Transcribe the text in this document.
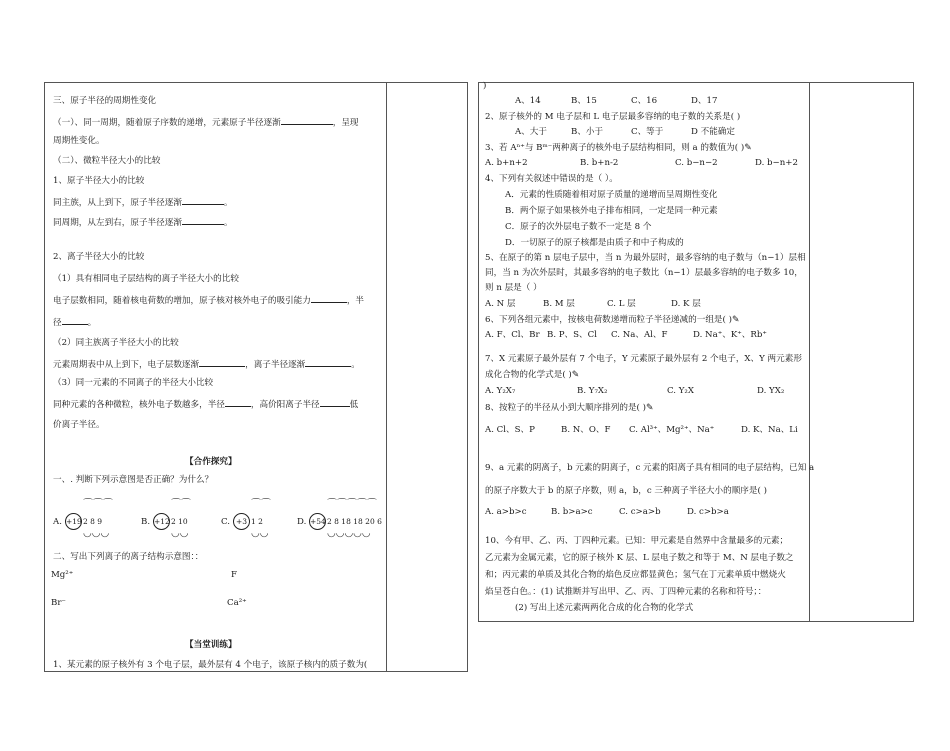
三、原子半径的周期性变化
（一）、同一周期，随着原子序数的递增，元素原子半径逐渐	，呈现
周期性变化。
（二）、微粒半径大小的比较
1、原子半径大小的比较
同主族，从上到下，原子半径逐渐	。
同周期，从左到右，原子半径逐渐	。
2、离子半径大小的比较
（1）具有相同电子层结构的离子半径大小的比较
电子层数相同，随着核电荷数的增加，原子核对核外电子的吸引能力	，半
径	。
（2）同主族离子半径大小的比较
元素周期表中从上到下，电子层数逐渐	，离子半径逐渐	。
（3）同一元素的不同离子的半径大小比较
同种元素的各种微粒，核外电子数越多，半径	，高价阳离子半径	低
价离子半径。
【合作探究】
一、. 判断下列示意图是否正确？为什么？
A.
⌒⌒⌒
+19 2 8 9
◡◡◡
B.
⌒⌒
+12 2 10
◡◡
C.
⌒⌒
+3 1 2
◡◡
D.
⌒⌒⌒⌒⌒
+54 2 8 18 18 20 6
◡◡◡◡◡
二、写出下列离子的离子结构示意图：：
Mg²⁺	F
Br⁻	Ca²⁺
【当堂训练】
1、某元素的原子核外有 3 个电子层，最外层有 4 个电子，该原子核内的质子数为(
)
A、14	B、15	C、16	D、17
2、原子核外的 M 电子层和 L 电子层最多容纳的电子数的关系是( )
A、大于	B、小于	C、等于	D 不能确定
3、若 Aⁿ⁺与 Bᵐ⁻两种离子的核外电子层结构相同，则 a 的数值为( )✎
A. b+n+2	B. b+n-2	C. b−n−2	D. b−n+2
4、下列有关叙述中错误的是（ ）。
A．元素的性质随着相对原子质量的递增而呈周期性变化
B．两个原子如果核外电子排布相同，一定是同一种元素
C．原子的次外层电子数不一定是 8 个
D．一切原子的原子核都是由质子和中子构成的
5、在原子的第 n 层电子层中，当 n 为最外层时，最多容纳的电子数与（n−1）层相
同，当 n 为次外层时，其最多容纳的电子数比（n−1）层最多容纳的电子数多 10，
则 n 层是（ ）
A. N 层	B. M 层	C. L 层	D. K 层
6、下列各组元素中，按核电荷数递增而粒子半径递减的一组是( )✎
A. F、Cl、Br B. P、S、Cl C. Na、Al、F	D. Na⁺、K⁺、Rb⁺
7、X 元素原子最外层有 7 个电子，Y 元素原子最外层有 2 个电子，X、Y 两元素形
成化合物的化学式是( )✎
A. Y₂X₇	B. Y₇X₂	C. Y₂X	D. YX₂
8、按粒子的半径从小到大顺序排列的是( )✎
A. Cl、S、P	B. N、O、F C. Al³⁺、Mg²⁺、Na⁺	D. K、Na、Li
9、a 元素的阴离子，b 元素的阴离子，c 元素的阳离子具有相同的电子层结构，已知 a
的原子序数大于 b 的原子序数，则 a，b，c 三种离子半径大小的顺序是( )
A. a>b>c	B. b>a>c	C. c>a>b	D. c>b>a
10、今有甲、乙、丙、丁四种元素。已知：甲元素是自然界中含量最多的元素；
乙元素为金属元素，它的原子核外 K 层、L 层电子数之和等于 M、N 层电子数之
和；丙元素的单质及其化合物的焰色反应都显黄色；氢气在丁元素单质中燃烧火
焰呈苍白色。：(1) 试推断并写出甲、乙、丙、丁四种元素的名称和符号；：
(2) 写出上述元素两两化合成的化合物的化学式
